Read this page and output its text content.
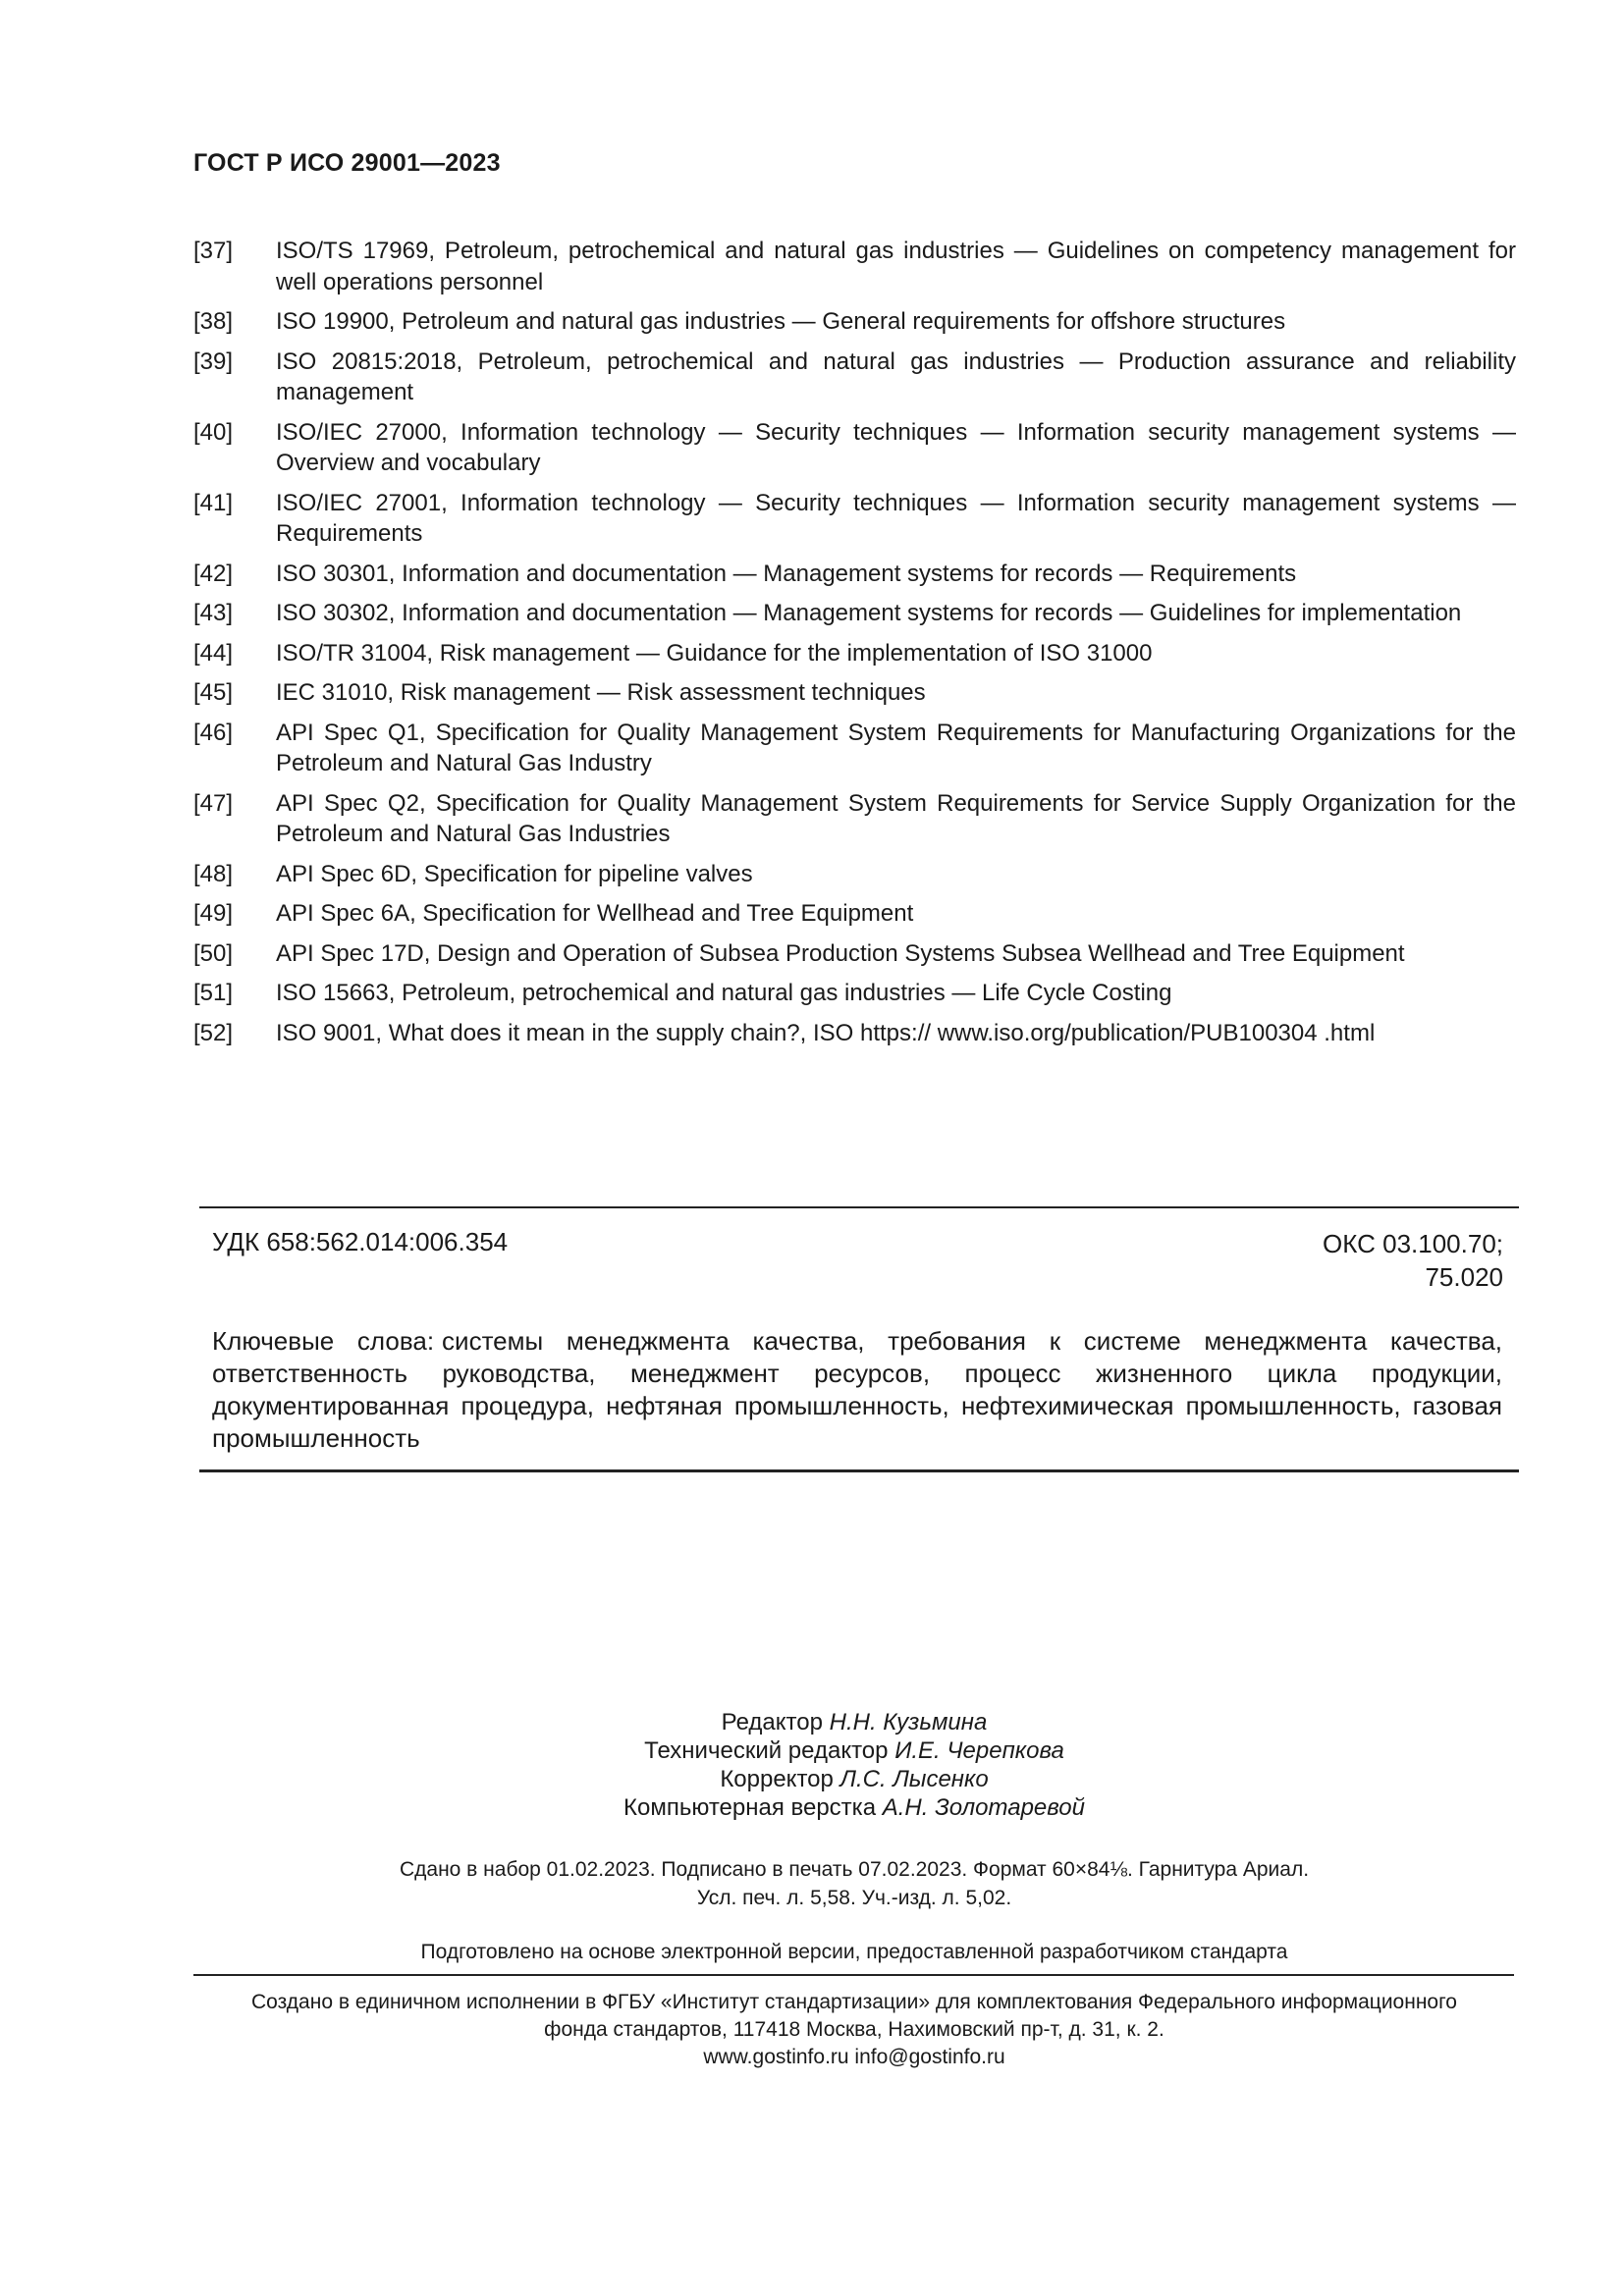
ГОСТ Р ИСО 29001—2023
[37]	ISO/TS 17969, Petroleum, petrochemical and natural gas industries — Guidelines on competency management for well operations personnel
[38]	ISO 19900, Petroleum and natural gas industries — General requirements for offshore structures
[39]	ISO 20815:2018, Petroleum, petrochemical and natural gas industries — Production assurance and reliability management
[40]	ISO/IEC 27000, Information technology — Security techniques — Information security management systems — Overview and vocabulary
[41]	ISO/IEC 27001, Information technology — Security techniques — Information security management systems — Requirements
[42]	ISO 30301, Information and documentation — Management systems for records — Requirements
[43]	ISO 30302, Information and documentation — Management systems for records — Guidelines for implementation
[44]	ISO/TR 31004, Risk management — Guidance for the implementation of ISO 31000
[45]	IEC 31010, Risk management — Risk assessment techniques
[46]	API Spec Q1, Specification for Quality Management System Requirements for Manufacturing Organizations for the Petroleum and Natural Gas Industry
[47]	API Spec Q2, Specification for Quality Management System Requirements for Service Supply Organization for the Petroleum and Natural Gas Industries
[48]	API Spec 6D, Specification for pipeline valves
[49]	API Spec 6A, Specification for Wellhead and Tree Equipment
[50]	API Spec 17D, Design and Operation of Subsea Production Systems Subsea Wellhead and Tree Equipment
[51]	ISO 15663, Petroleum, petrochemical and natural gas industries — Life Cycle Costing
[52]	ISO 9001, What does it mean in the supply chain?, ISO https:// www.iso.org/publication/PUB100304 .html
УДК 658:562.014:006.354	ОКС 03.100.70;
75.020
Ключевые слова: системы менеджмента качества, требования к системе менеджмента качества, ответственность руководства, менеджмент ресурсов, процесс жизненного цикла продукции, документированная процедура, нефтяная промышленность, нефтехимическая промышленность, газовая промышленность
Редактор Н.Н. Кузьмина
Технический редактор И.Е. Черепкова
Корректор Л.С. Лысенко
Компьютерная верстка А.Н. Золотаревой
Сдано в набор 01.02.2023. Подписано в печать 07.02.2023. Формат 60×84⅛. Гарнитура Ариал.
Усл. печ. л. 5,58. Уч.-изд. л. 5,02.
Подготовлено на основе электронной версии, предоставленной разработчиком стандарта
Создано в единичном исполнении в ФГБУ «Институт стандартизации» для комплектования Федерального информационного
фонда стандартов, 117418 Москва, Нахимовский пр-т, д. 31, к. 2.
www.gostinfo.ru info@gostinfo.ru
